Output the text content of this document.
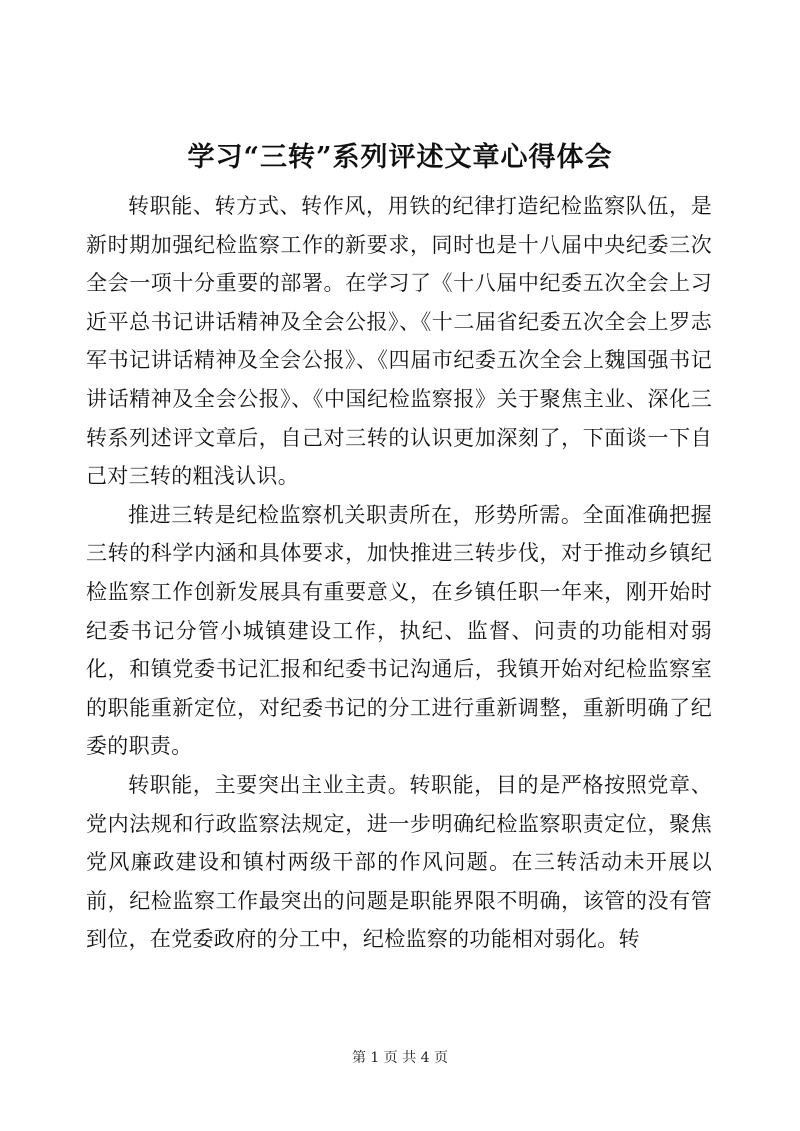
学习“三转”系列评述文章心得体会

转职能、转方式、转作风，用铁的纪律打造纪检监察队伍，是新时期加强纪检监察工作的新要求，同时也是十八届中央纪委三次全会一项十分重要的部署。在学习了《十八届中纪委五次全会上习近平总书记讲话精神及全会公报》、《十二届省纪委五次全会上罗志军书记讲话精神及全会公报》、《四届市纪委五次全会上魏国强书记讲话精神及全会公报》、《中国纪检监察报》关于聚焦主业、深化三转系列述评文章后，自己对三转的认识更加深刻了，下面谈一下自己对三转的粗浅认识。

推进三转是纪检监察机关职责所在，形势所需。全面准确把握三转的科学内涵和具体要求，加快推进三转步伐，对于推动乡镇纪检监察工作创新发展具有重要意义，在乡镇任职一年来，刚开始时纪委书记分管小城镇建设工作，执纪、监督、问责的功能相对弱化，和镇党委书记汇报和纪委书记沟通后，我镇开始对纪检监察室的职能重新定位，对纪委书记的分工进行重新调整，重新明确了纪委的职责。

转职能，主要突出主业主责。转职能，目的是严格按照党章、党内法规和行政监察法规定，进一步明确纪检监察职责定位，聚焦党风廉政建设和镇村两级干部的作风问题。在三转活动未开展以前，纪检监察工作最突出的问题是职能界限不明确，该管的没有管到位，在党委政府的分工中，纪检监察的功能相对弱化。转

第 1 页 共 4 页
